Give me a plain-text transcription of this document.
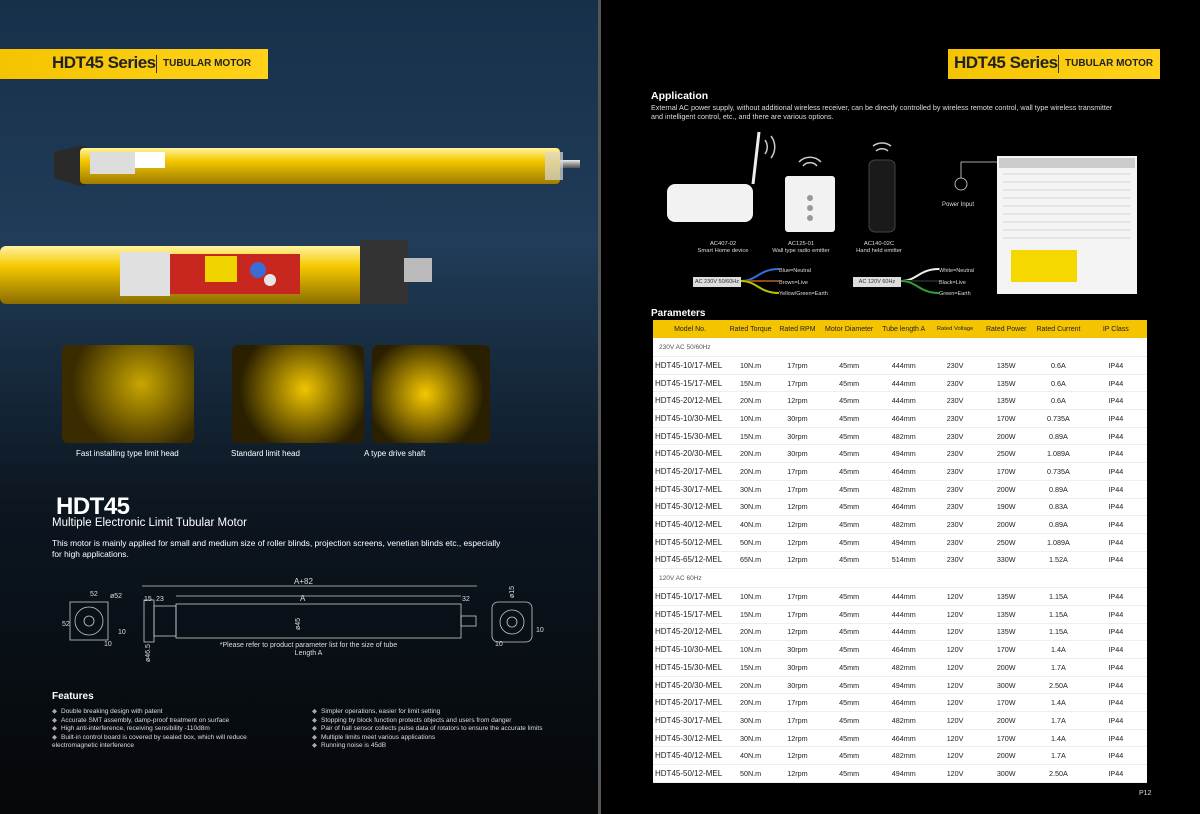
HDT45 Series TUBULAR MOTOR
Fast installing type limit head	Standard limit head	A type drive shaft
HDT45
Multiple Electronic Limit Tubular Motor
This motor is mainly applied for small and medium size of roller blinds, projection screens, venetian blinds etc., especially for high applications.
A+82
A
52 ø52
52
10
10
15 23	32
ø46.5
ø45
ø15
10
10
*Please refer to product parameter list for the size of tube
Length A
Features
◆ Double breaking design with patent
◆ Accurate SMT assembly, damp-proof treatment on surface
◆ High anti-interference, receiving sensibility -110d8m
◆ Built-in control board is covered by sealed box, which will reduce electromagnetic interference
◆ Simpler operations, easier for limit setting
◆ Stopping by block function protects objects and users from danger
◆ Pair of hall sensor collects pulse data of rotators to ensure the accurate limits
◆ Multiple limits meet various applications
◆ Running noise is 45dB
HDT45 Series TUBULAR MOTOR
Application
External AC power supply, without additional wireless receiver, can be directly controlled by wireless remote control, wall type wireless transmitter and intelligent control, etc., and there are various options.
AC407-02
Smart Home device
AC125-01
Wall type radio emitter
AC140-02C
Hand held emitter
Power Input
AC 230V 50/60Hz
Blue=Neutral
Brown=Live
Yellow/Green=Earth
AC 120V 60Hz
White=Neutral
Black=Live
Green=Earth
Parameters
Model No.	Rated Torque	Rated RPM	Motor Diameter	Tube length A	Rated Voltage	Rated Power	Rated Current	IP Class
230V AC 50/60Hz								
HDT45-10/17-MEL	10N.m	17rpm	45mm	444mm	230V	135W	0.6A	IP44
HDT45-15/17-MEL	15N.m	17rpm	45mm	444mm	230V	135W	0.6A	IP44
HDT45-20/12-MEL	20N.m	12rpm	45mm	444mm	230V	135W	0.6A	IP44
HDT45-10/30-MEL	10N.m	30rpm	45mm	464mm	230V	170W	0.735A	IP44
HDT45-15/30-MEL	15N.m	30rpm	45mm	482mm	230V	200W	0.89A	IP44
HDT45-20/30-MEL	20N.m	30rpm	45mm	494mm	230V	250W	1.089A	IP44
HDT45-20/17-MEL	20N.m	17rpm	45mm	464mm	230V	170W	0.735A	IP44
HDT45-30/17-MEL	30N.m	17rpm	45mm	482mm	230V	200W	0.89A	IP44
HDT45-30/12-MEL	30N.m	12rpm	45mm	464mm	230V	190W	0.83A	IP44
HDT45-40/12-MEL	40N.m	12rpm	45mm	482mm	230V	200W	0.89A	IP44
HDT45-50/12-MEL	50N.m	12rpm	45mm	494mm	230V	250W	1.089A	IP44
HDT45-65/12-MEL	65N.m	12rpm	45mm	514mm	230V	330W	1.52A	IP44
120V AC 60Hz								
HDT45-10/17-MEL	10N.m	17rpm	45mm	444mm	120V	135W	1.15A	IP44
HDT45-15/17-MEL	15N.m	17rpm	45mm	444mm	120V	135W	1.15A	IP44
HDT45-20/12-MEL	20N.m	12rpm	45mm	444mm	120V	135W	1.15A	IP44
HDT45-10/30-MEL	10N.m	30rpm	45mm	464mm	120V	170W	1.4A	IP44
HDT45-15/30-MEL	15N.m	30rpm	45mm	482mm	120V	200W	1.7A	IP44
HDT45-20/30-MEL	20N.m	30rpm	45mm	494mm	120V	300W	2.50A	IP44
HDT45-20/17-MEL	20N.m	17rpm	45mm	464mm	120V	170W	1.4A	IP44
HDT45-30/17-MEL	30N.m	17rpm	45mm	482mm	120V	200W	1.7A	IP44
HDT45-30/12-MEL	30N.m	12rpm	45mm	464mm	120V	170W	1.4A	IP44
HDT45-40/12-MEL	40N.m	12rpm	45mm	482mm	120V	200W	1.7A	IP44
HDT45-50/12-MEL	50N.m	12rpm	45mm	494mm	120V	300W	2.50A	IP44
P12
